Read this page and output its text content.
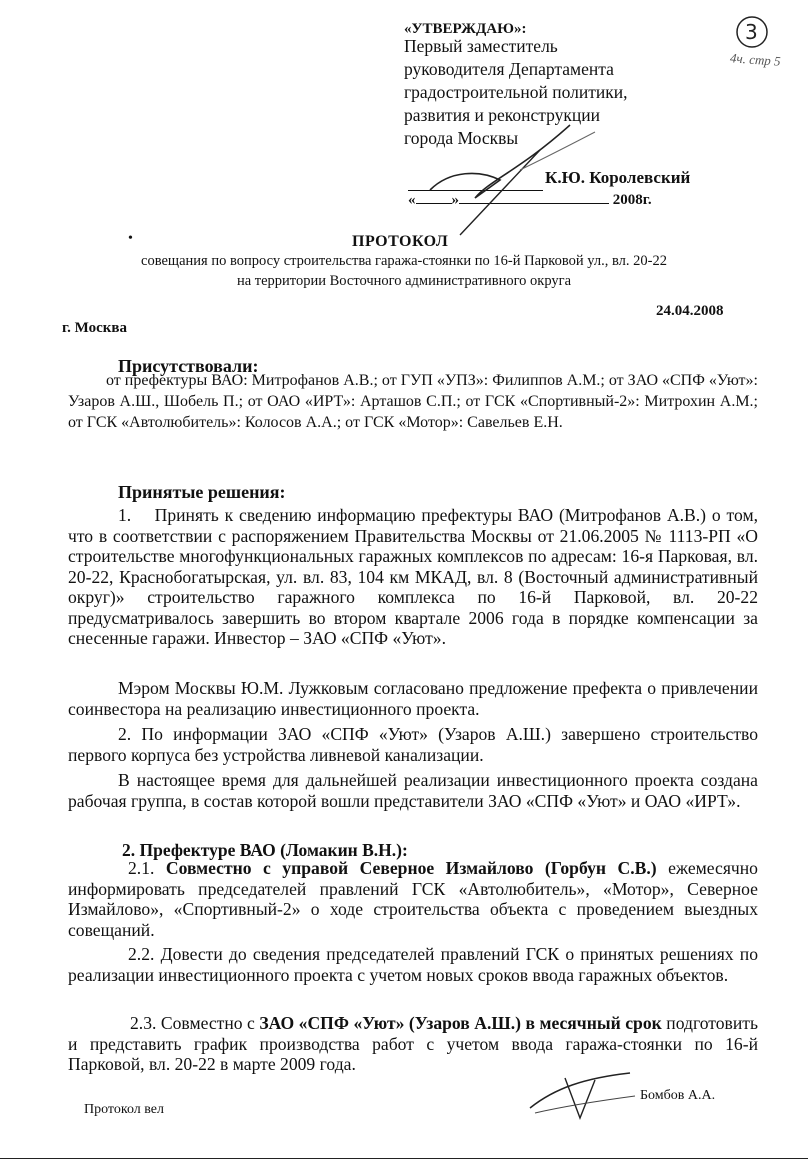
3
4ч. стр 5
«УТВЕРЖДАЮ»:
Первый заместитель
руководителя Департамента
градостроительной политики,
развития и реконструкции
города Москвы
К.Ю. Королевский
« »	2008г.
ПРОТОКОЛ
•
совещания по вопросу строительства гаража-стоянки по 16-й Парковой ул., вл. 20-22
на территории Восточного административного округа
24.04.2008
г. Москва
Присутствовали:
от префектуры ВАО: Митрофанов А.В.; от ГУП «УПЗ»: Филиппов А.М.; от ЗАО «СПФ «Уют»: Узаров А.Ш., Шобель П.; от ОАО «ИРТ»: Арташов С.П.; от ГСК «Спортивный-2»: Митрохин А.М.; от ГСК «Автолюбитель»: Колосов А.А.; от ГСК «Мотор»: Савельев Е.Н.
Принятые решения:
1. Принять к сведению информацию префектуры ВАО (Митрофанов А.В.) о том, что в соответствии с распоряжением Правительства Москвы от 21.06.2005 № 1113-РП «О строительстве многофункциональных гаражных комплексов по адресам: 16-я Парковая, вл. 20-22, Краснобогатырская, ул. вл. 83, 104 км МКАД, вл. 8 (Восточный административный округ)» строительство гаражного комплекса по 16-й Парковой, вл. 20-22 предусматривалось завершить во втором квартале 2006 года в порядке компенсации за снесенные гаражи. Инвестор – ЗАО «СПФ «Уют».
Мэром Москвы Ю.М. Лужковым согласовано предложение префекта о привлечении соинвестора на реализацию инвестиционного проекта.
2. По информации ЗАО «СПФ «Уют» (Узаров А.Ш.) завершено строительство первого корпуса без устройства ливневой канализации.
В настоящее время для дальнейшей реализации инвестиционного проекта создана рабочая группа, в состав которой вошли представители ЗАО «СПФ «Уют» и ОАО «ИРТ».
2. Префектуре ВАО (Ломакин В.Н.):
2.1. Совместно с управой Северное Измайлово (Горбун С.В.) ежемесячно информировать председателей правлений ГСК «Автолюбитель», «Мотор», Северное Измайлово», «Спортивный-2» о ходе строительства объекта с проведением выездных совещаний.
2.2. Довести до сведения председателей правлений ГСК о принятых решениях по реализации инвестиционного проекта с учетом новых сроков ввода гаражных объектов.
2.3. Совместно с ЗАО «СПФ «Уют» (Узаров А.Ш.) в месячный срок подготовить и представить график производства работ с учетом ввода гаража-стоянки по 16-й Парковой, вл. 20-22 в марте 2009 года.
Протокол вел
Бомбов А.А.
